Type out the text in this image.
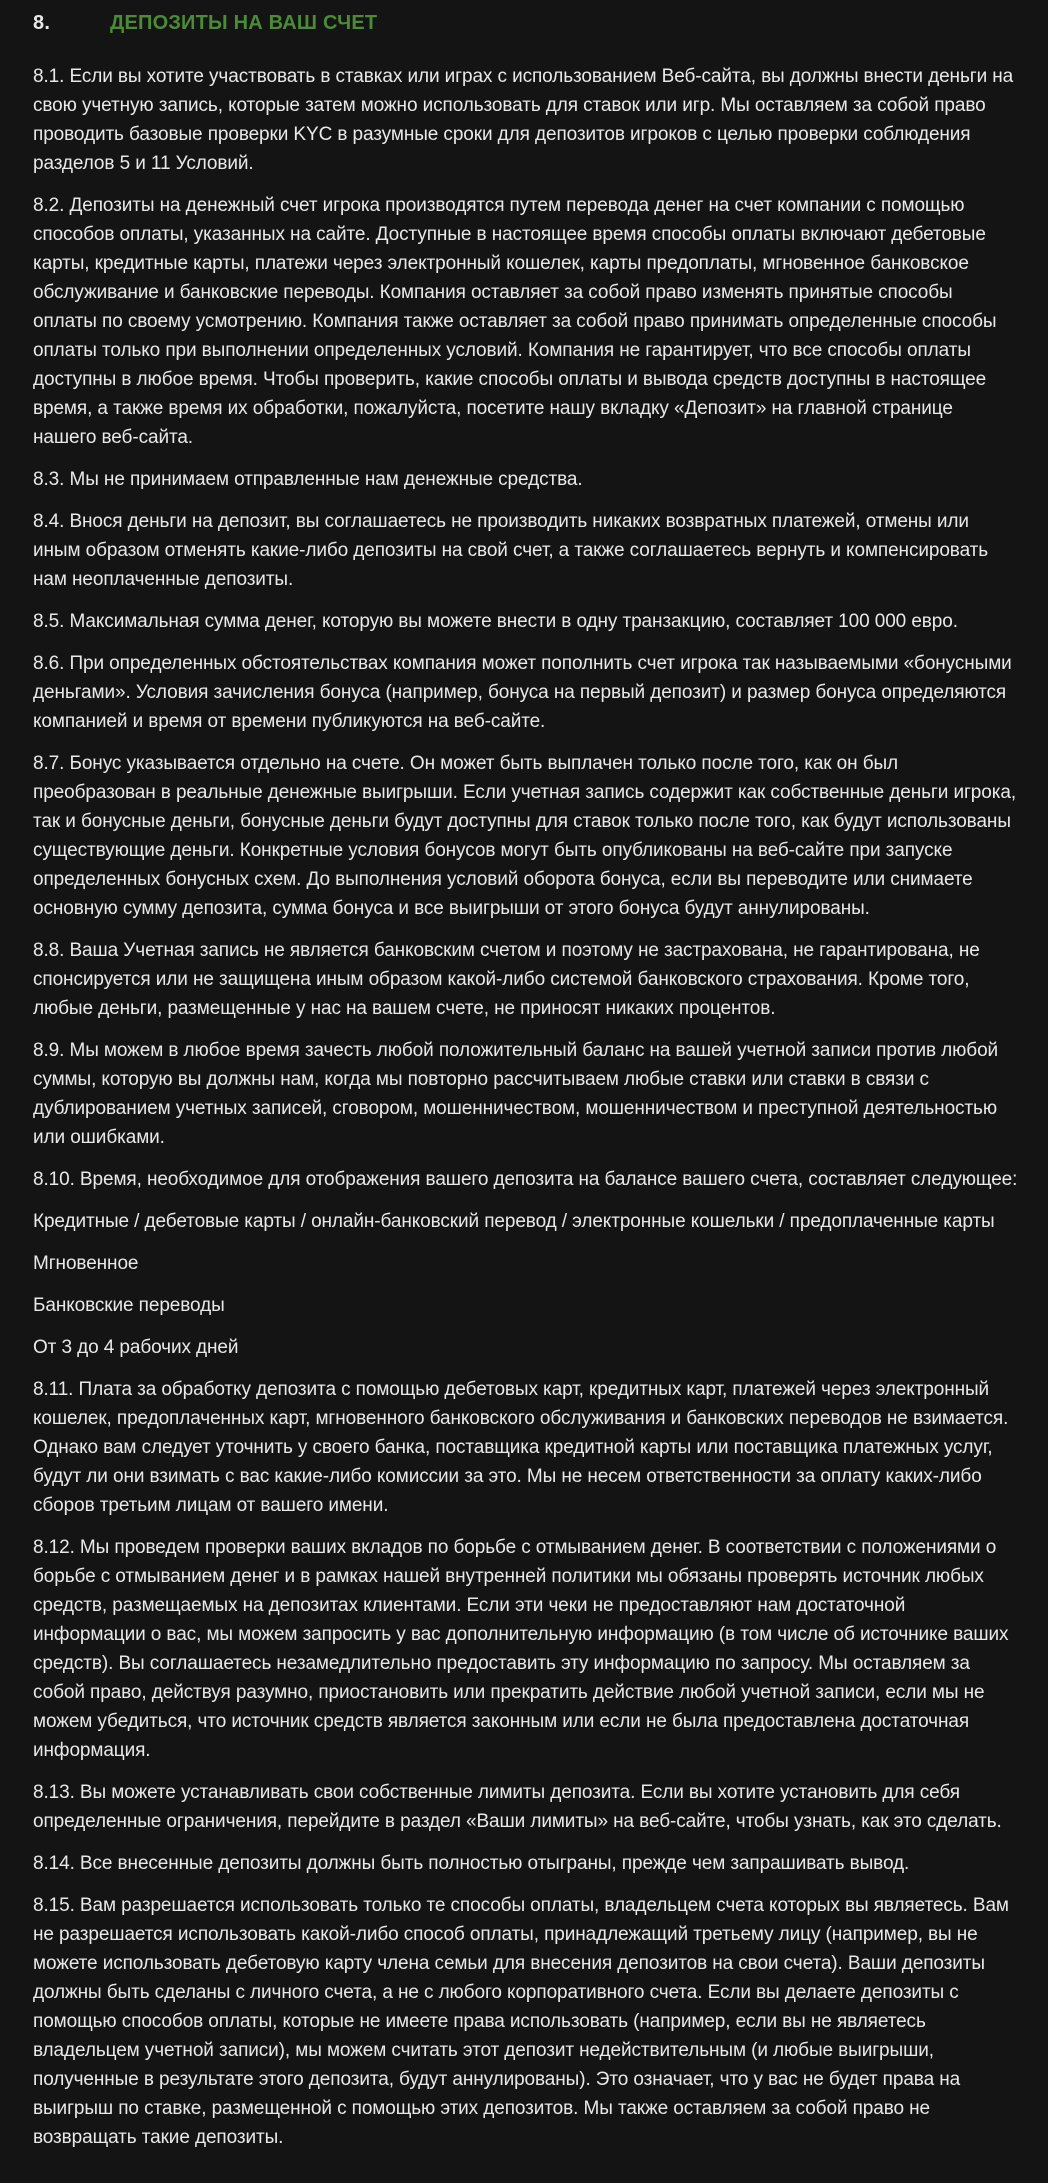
8.	ДЕПОЗИТЫ НА ВАШ СЧЕТ

8.1. Если вы хотите участвовать в ставках или играх с использованием Веб-сайта, вы должны внести деньги на свою учетную запись, которые затем можно использовать для ставок или игр. Мы оставляем за собой право проводить базовые проверки KYC в разумные сроки для депозитов игроков с целью проверки соблюдения разделов 5 и 11 Условий.

8.2. Депозиты на денежный счет игрока производятся путем перевода денег на счет компании с помощью способов оплаты, указанных на сайте. Доступные в настоящее время способы оплаты включают дебетовые карты, кредитные карты, платежи через электронный кошелек, карты предоплаты, мгновенное банковское обслуживание и банковские переводы. Компания оставляет за собой право изменять принятые способы оплаты по своему усмотрению. Компания также оставляет за собой право принимать определенные способы оплаты только при выполнении определенных условий. Компания не гарантирует, что все способы оплаты доступны в любое время. Чтобы проверить, какие способы оплаты и вывода средств доступны в настоящее время, а также время их обработки, пожалуйста, посетите нашу вкладку «Депозит» на главной странице нашего веб-сайта.

8.3. Мы не принимаем отправленные нам денежные средства.

8.4. Внося деньги на депозит, вы соглашаетесь не производить никаких возвратных платежей, отмены или иным образом отменять какие-либо депозиты на свой счет, а также соглашаетесь вернуть и компенсировать нам неоплаченные депозиты.

8.5. Максимальная сумма денег, которую вы можете внести в одну транзакцию, составляет 100 000 евро.

8.6. При определенных обстоятельствах компания может пополнить счет игрока так называемыми «бонусными деньгами». Условия зачисления бонуса (например, бонуса на первый депозит) и размер бонуса определяются компанией и время от времени публикуются на веб-сайте.

8.7. Бонус указывается отдельно на счете. Он может быть выплачен только после того, как он был преобразован в реальные денежные выигрыши. Если учетная запись содержит как собственные деньги игрока, так и бонусные деньги, бонусные деньги будут доступны для ставок только после того, как будут использованы существующие деньги. Конкретные условия бонусов могут быть опубликованы на веб-сайте при запуске определенных бонусных схем. До выполнения условий оборота бонуса, если вы переводите или снимаете основную сумму депозита, сумма бонуса и все выигрыши от этого бонуса будут аннулированы.

8.8. Ваша Учетная запись не является банковским счетом и поэтому не застрахована, не гарантирована, не спонсируется или не защищена иным образом какой-либо системой банковского страхования. Кроме того, любые деньги, размещенные у нас на вашем счете, не приносят никаких процентов.

8.9. Мы можем в любое время зачесть любой положительный баланс на вашей учетной записи против любой суммы, которую вы должны нам, когда мы повторно рассчитываем любые ставки или ставки в связи с дублированием учетных записей, сговором, мошенничеством, мошенничеством и преступной деятельностью или ошибками.

8.10. Время, необходимое для отображения вашего депозита на балансе вашего счета, составляет следующее:

Кредитные / дебетовые карты / онлайн-банковский перевод / электронные кошельки / предоплаченные карты

Мгновенное

Банковские переводы

От 3 до 4 рабочих дней

8.11. Плата за обработку депозита с помощью дебетовых карт, кредитных карт, платежей через электронный кошелек, предоплаченных карт, мгновенного банковского обслуживания и банковских переводов не взимается. Однако вам следует уточнить у своего банка, поставщика кредитной карты или поставщика платежных услуг, будут ли они взимать с вас какие-либо комиссии за это. Мы не несем ответственности за оплату каких-либо сборов третьим лицам от вашего имени.

8.12. Мы проведем проверки ваших вкладов по борьбе с отмыванием денег. В соответствии с положениями о борьбе с отмыванием денег и в рамках нашей внутренней политики мы обязаны проверять источник любых средств, размещаемых на депозитах клиентами. Если эти чеки не предоставляют нам достаточной информации о вас, мы можем запросить у вас дополнительную информацию (в том числе об источнике ваших средств). Вы соглашаетесь незамедлительно предоставить эту информацию по запросу. Мы оставляем за собой право, действуя разумно, приостановить или прекратить действие любой учетной записи, если мы не можем убедиться, что источник средств является законным или если не была предоставлена достаточная информация.

8.13. Вы можете устанавливать свои собственные лимиты депозита. Если вы хотите установить для себя определенные ограничения, перейдите в раздел «Ваши лимиты» на веб-сайте, чтобы узнать, как это сделать.

8.14. Все внесенные депозиты должны быть полностью отыграны, прежде чем запрашивать вывод.

8.15. Вам разрешается использовать только те способы оплаты, владельцем счета которых вы являетесь. Вам не разрешается использовать какой-либо способ оплаты, принадлежащий третьему лицу (например, вы не можете использовать дебетовую карту члена семьи для внесения депозитов на свои счета). Ваши депозиты должны быть сделаны с личного счета, а не с любого корпоративного счета. Если вы делаете депозиты с помощью способов оплаты, которые не имеете права использовать (например, если вы не являетесь владельцем учетной записи), мы можем считать этот депозит недействительным (и любые выигрыши, полученные в результате этого депозита, будут аннулированы). Это означает, что у вас не будет права на выигрыш по ставке, размещенной с помощью этих депозитов. Мы также оставляем за собой право не возвращать такие депозиты.
